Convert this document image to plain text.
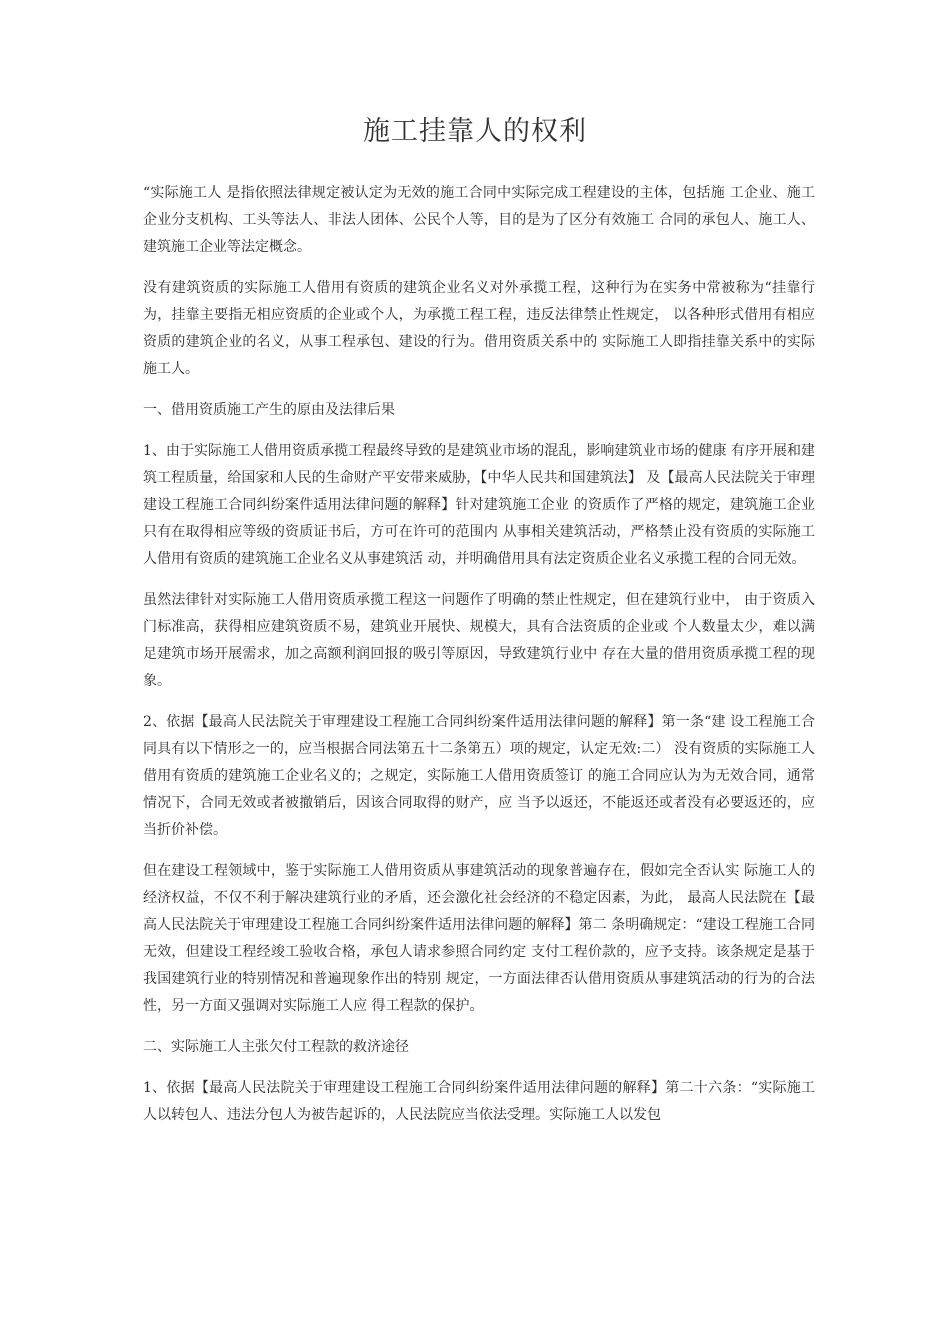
施工挂靠人的权利

“实际施工人 是指依照法律规定被认定为无效的施工合同中实际完成工程建设的主体，包括施 工企业、施工企业分支机构、工头等法人、非法人团体、公民个人等，目的是为了区分有效施工 合同的承包人、施工人、建筑施工企业等法定概念。

没有建筑资质的实际施工人借用有资质的建筑企业名义对外承揽工程，这种行为在实务中常被称为“挂靠行为，挂靠主要指无相应资质的企业或个人，为承揽工程工程，违反法律禁止性规定， 以各种形式借用有相应资质的建筑企业的名义，从事工程承包、建设的行为。借用资质关系中的 实际施工人即指挂靠关系中的实际施工人。

一、借用资质施工产生的原由及法律后果

1、由于实际施工人借用资质承揽工程最终导致的是建筑业市场的混乱，影响建筑业市场的健康 有序开展和建筑工程质量，给国家和人民的生命财产平安带来威胁，【中华人民共和国建筑法】 及【最高人民法院关于审理建设工程施工合同纠纷案件适用法律问题的解释】针对建筑施工企业 的资质作了严格的规定，建筑施工企业只有在取得相应等级的资质证书后，方可在许可的范围内 从事相关建筑活动，严格禁止没有资质的实际施工人借用有资质的建筑施工企业名义从事建筑活 动，并明确借用具有法定资质企业名义承揽工程的合同无效。

虽然法律针对实际施工人借用资质承揽工程这一问题作了明确的禁止性规定，但在建筑行业中， 由于资质入门标准高，获得相应建筑资质不易，建筑业开展快、规模大，具有合法资质的企业或 个人数量太少，难以满足建筑市场开展需求，加之高额利润回报的吸引等原因，导致建筑行业中 存在大量的借用资质承揽工程的现象。

2、依据【最高人民法院关于审理建设工程施工合同纠纷案件适用法律问题的解释】第一条“建 设工程施工合同具有以下情形之一的，应当根据合同法第五十二条第五）项的规定，认定无效:二） 没有资质的实际施工人借用有资质的建筑施工企业名义的；之规定，实际施工人借用资质签订 的施工合同应认为为无效合同，通常情况下，合同无效或者被撤销后，因该合同取得的财产，应 当予以返还，不能返还或者没有必要返还的，应当折价补偿。

但在建设工程领域中，鉴于实际施工人借用资质从事建筑活动的现象普遍存在，假如完全否认实 际施工人的经济权益，不仅不利于解决建筑行业的矛盾，还会激化社会经济的不稳定因素，为此， 最高人民法院在【最高人民法院关于审理建设工程施工合同纠纷案件适用法律问题的解释】第二 条明确规定：“建设工程施工合同无效，但建设工程经竣工验收合格，承包人请求参照合同约定 支付工程价款的，应予支持。该条规定是基于我国建筑行业的特别情况和普遍现象作出的特别 规定，一方面法律否认借用资质从事建筑活动的行为的合法性，另一方面又强调对实际施工人应 得工程款的保护。

二、实际施工人主张欠付工程款的救济途径

1、依据【最高人民法院关于审理建设工程施工合同纠纷案件适用法律问题的解释】第二十六条：“实际施工人以转包人、违法分包人为被告起诉的，人民法院应当依法受理。实际施工人以发包
